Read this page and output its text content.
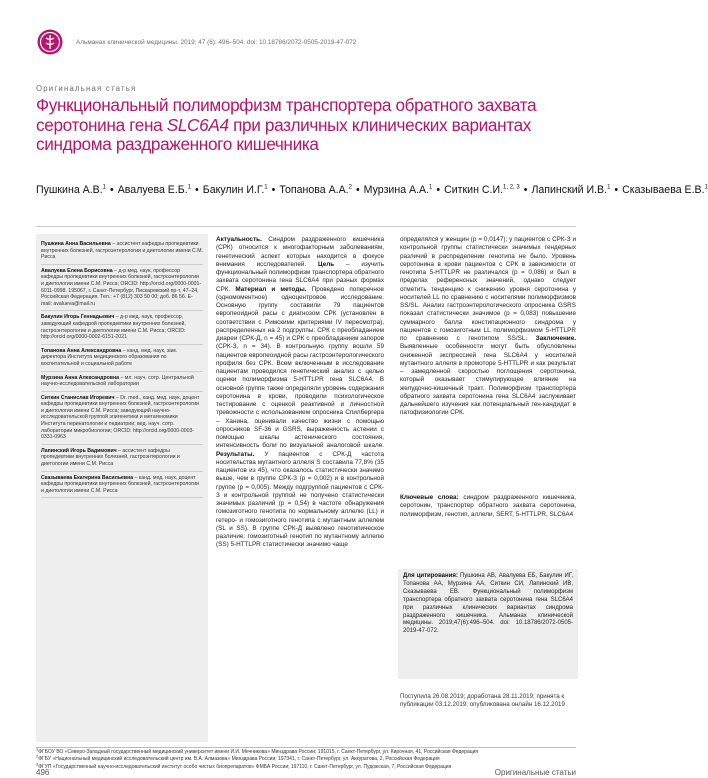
Альманах клинической медицины. 2019; 47 (6): 496–504. doi: 10.18786/2072-0505-2019-47-072
Оригинальная статья
Функциональный полиморфизм транспортера обратного захвата серотонина гена SLC6A4 при различных клинических вариантах синдрома раздраженного кишечника
Пушкина А.В.$^1$ • Авалуева Е.Б.$^1$ • Бакулин И.Г.$^1$ • Топанова А.А.$^2$ • Мурзина А.А.$^1$ • Ситкин С.И.$^{1, 2, 3}$ • Лапинский И.В.$^1$ • Сказываева Е.В.$^1$
Пушкина Анна Васильевна – ассистент кафедры пропедевтики внутренних болезней, гастроэнтерологии и диетологии имени С.М. Рисса
Авалуева Елена Борисовна – д-р мед. наук, профессор кафедры пропедевтики внутренних болезней, гастроэнтерологии и диетологии имени С.М. Рисса; ORCID: http://orcid.org/0000-0001-6011-0998. 195067, г. Санкт-Петербург, Пискаревский пр-т, 47–24, Российская Федерация. Тел.: +7 (812) 303 50 00; доб. 86 56. E-mail: avalueva@mail.ru
Бакулин Игорь Геннадьевич – д-р мед. наук, профессор, заведующий кафедрой пропедевтики внутренних болезней, гастроэнтерологии и диетологии имени С.М. Рисса; ORCID: http://orcid.org/0000-0002-6151-2021
Топанова Анна Александровна – канд. мед. наук, зам. директора Института медицинского образования по воспитательной и социальной работе
Мурзина Анна Александровна – мл. науч. сотр. Центральной научно-исследовательской лаборатории
Ситкин Станислав Игоревич – Dr. med., канд. мед. наук, доцент кафедры пропедевтики внутренних болезней, гастроэнтерологии и диетологии имени С.М. Рисса; заведующий научно-исследовательской группой эпигенетики и метагеномики Института перинатологии и педиатрии; вед. науч. сотр. лаборатории микробиологии; ORCID: http://orcid.org/0000-0003-0331-0963
Лапинский Игорь Вадимович – ассистент кафедры пропедевтики внутренних болезней, гастроэнтерологии и диетологии имени С.М. Рисса
Сказываева Екатерина Васильевна – канд. мед. наук, доцент кафедры пропедевтики внутренних болезней, гастроэнтерологии и диетологии имени С.М. Рисса

Актуальность. Синдром раздраженного кишечника (СРК) относится к многофакторным заболеваниям, генетический аспект которых находится в фокусе внимания исследователей. Цель – изучить функциональный полиморфизм транспортера обратного захвата серотонина гена SLC6A4 при разных формах СРК. Материал и методы. Проведено поперечное (одномоментное) одноцентровое исследование. Основную группу составили 79 пациентов европеоидной расы с диагнозом СРК (установлен в соответствии с Римскими критериями IV пересмотра), распределенных на 2 подгруппы: СРК с преобладанием диареи (СРК-Д, n = 45) и СРК с преобладанием запоров (СРК-З, n = 34). В контрольную группу вошли 59 пациентов европеоидной расы гастроэнтерологического профиля без СРК. Всем включенным в исследование пациентам проводился генетический анализ с целью оценки полиморфизма 5-HTTLPR гена SLC6A4. В основной группе также определяли уровень содержания серотонина в крови, проводили психологическое тестирование с оценкой реактивной и личностной тревожности с использованием опросника Спилбергера – Ханина, оценивали качество жизни с помощью опросников SF-36 и GSRS, выраженность астении с помощью шкалы астенического состояния, интенсивность боли по визуальной аналоговой шкале. Результаты. У пациентов с СРК-Д частота носительства мутантного аллеля S составила 77,8% (35 пациентов из 45), что оказалось статистически значимо выше, чем в группе СРК-З (p = 0,002) и в контрольной группе (p = 0,005). Между подгруппой пациентов с СРК-З и контрольной группой не получено статистически значимых различий (p = 0,54) в частоте обнаружения гомозиготного генотипа по нормальному аллелю (LL) и гетеро- и гомозиготного генотипа с мутантным аллелем (SL и SS). В группе СРК-Д выявлено генотипическое различие: гомозиготный генотип по мутантному аллелю (SS) 5-HTTLPR статистически значимо чаще

определялся у женщин (p = 0,0147); у пациентов с СРК-З и контрольной группы статистически значимых гендерных различий в распределении генотипа не было. Уровень серотонина в крови пациентов с СРК в зависимости от генотипа 5-HTTLPR не различался (p = 0,086) и был в пределах референсных значений, однако следует отметить тенденцию к снижению уровня серотонина у носителей LL по сравнению с носителями полиморфизмов SS/SL. Анализ гастроэнтерологического опросника GSRS показал статистически значимое (p = 0,083) повышение суммарного балла констипационного синдрома у пациентов с гомозиготным LL полиморфизмом 5-HTTLPR по сравнению с генотипом SS/SL. Заключение. Выявленные особенности могут быть обусловлены сниженной экспрессией гена SLC6A4 у носителей мутантного аллеля в промоторе 5-HTTLPR и как результат – замедленной скоростью поглощения серотонина, который оказывает стимулирующее влияние на желудочно-кишечный тракт. Полиморфизм транспортера обратного захвата серотонина гена SLC6A4 заслуживает дальнейшего изучения как потенциальный ген-кандидат в патофизиологии СРК.

Ключевые слова: синдром раздраженного кишечника, серотонин, транспортер обратного захвата серотонина, полиморфизм, генотип, аллели, SERT, 5-HTTLPR, SLC6A4
Для цитирования: Пушкина АВ, Авалуева ЕБ, Бакулин ИГ, Топанова АА, Мурзина АА, Ситкин СИ, Лапинский ИВ, Сказываева ЕВ. Функциональный полиморфизм транспортера обратного захвата серотонина гена SLC6A4 при различных клинических вариантах синдрома раздраженного кишечника. Альманах клинической медицины. 2019;47(6):496–504. doi: 10.18786/2072-0505-2019-47-072.
Поступила 26.08.2019; доработана 28.11.2019; принята к публикации 03.12.2019; опубликована онлайн 16.12.2019
$^1$ФГБОУ ВО «Северо-Западный государственный медицинский университет имени И.И. Мечникова» Минздрава России; 191015, г. Санкт-Петербург, ул. Кирочная, 41, Российская Федерация
$^2$ФГБУ «Национальный медицинский исследовательский центр им. В.А. Алмазова» Минздрава России; 197341, г. Санкт-Петербург, ул. Аккуратова, 2, Российская Федерация
$^3$ФГУП «Государственный научно-исследовательский институт особо чистых биопрепаратов» ФМБА России; 197110, г. Санкт-Петербург, ул. Пудожская, 7, Российская Федерация
496	Оригинальные статьи
